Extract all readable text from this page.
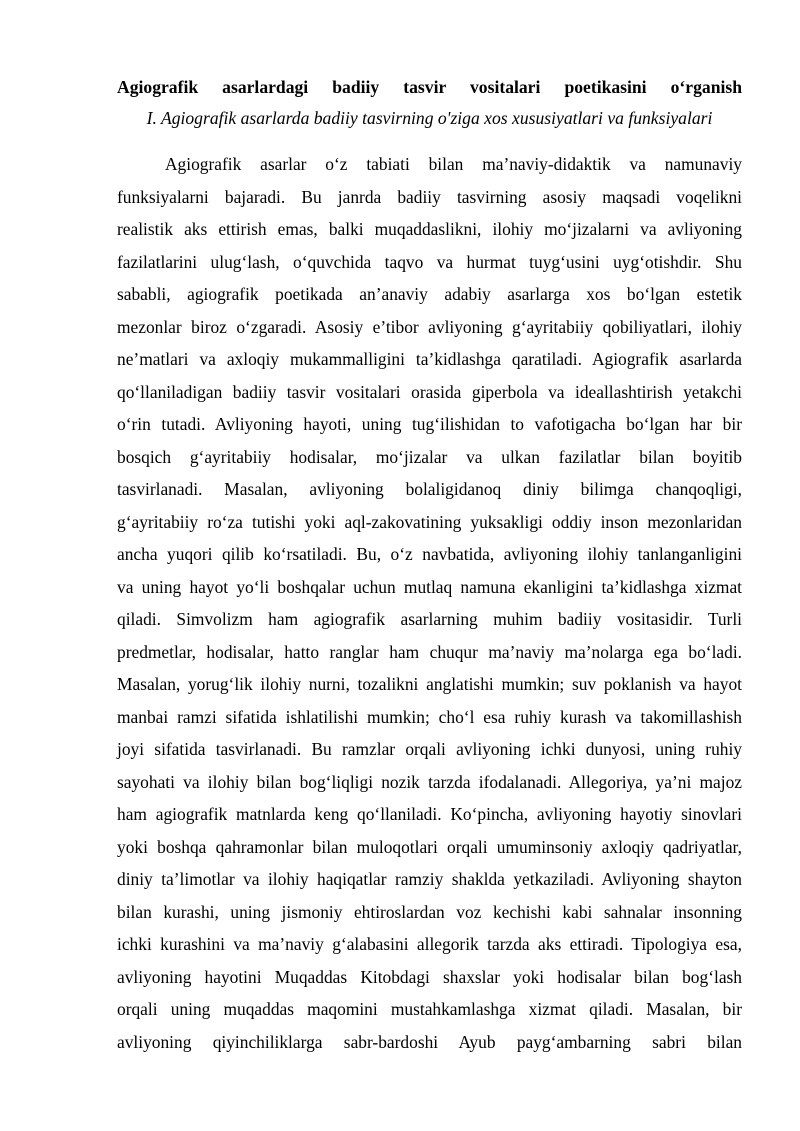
Agiografik asarlardagi badiiy tasvir vositalari poetikasini o‘rganish
I. Agiografik asarlarda badiiy tasvirning o'ziga xos xususiyatlari va funksiyalari
Agiografik asarlar o‘z tabiati bilan ma’naviy-didaktik va namunaviy
funksiyalarni bajaradi. Bu janrda badiiy tasvirning asosiy maqsadi voqelikni
realistik aks ettirish emas, balki muqaddaslikni, ilohiy mo‘jizalarni va avliyoning
fazilatlarini ulug‘lash, o‘quvchida taqvo va hurmat tuyg‘usini uyg‘otishdir. Shu
sababli, agiografik poetikada an’anaviy adabiy asarlarga xos bo‘lgan estetik
mezonlar biroz o‘zgaradi. Asosiy e’tibor avliyoning g‘ayritabiiy qobiliyatlari, ilohiy
ne’matlari va axloqiy mukammalligini ta’kidlashga qaratiladi. Agiografik asarlarda
qo‘llaniladigan badiiy tasvir vositalari orasida giperbola va ideallashtirish yetakchi
o‘rin tutadi. Avliyoning hayoti, uning tug‘ilishidan to vafotigacha bo‘lgan har bir
bosqich g‘ayritabiiy hodisalar, mo‘jizalar va ulkan fazilatlar bilan boyitib
tasvirlanadi. Masalan, avliyoning bolaligidanoq diniy bilimga chanqoqligi,
g‘ayritabiiy ro‘za tutishi yoki aql-zakovatining yuksakligi oddiy inson mezonlaridan
ancha yuqori qilib ko‘rsatiladi. Bu, o‘z navbatida, avliyoning ilohiy tanlanganligini
va uning hayot yo‘li boshqalar uchun mutlaq namuna ekanligini ta’kidlashga xizmat
qiladi. Simvolizm ham agiografik asarlarning muhim badiiy vositasidir. Turli
predmetlar, hodisalar, hatto ranglar ham chuqur ma’naviy ma’nolarga ega bo‘ladi.
Masalan, yorug‘lik ilohiy nurni, tozalikni anglatishi mumkin; suv poklanish va hayot
manbai ramzi sifatida ishlatilishi mumkin; cho‘l esa ruhiy kurash va takomillashish
joyi sifatida tasvirlanadi. Bu ramzlar orqali avliyoning ichki dunyosi, uning ruhiy
sayohati va ilohiy bilan bog‘liqligi nozik tarzda ifodalanadi. Allegoriya, ya’ni majoz
ham agiografik matnlarda keng qo‘llaniladi. Ko‘pincha, avliyoning hayotiy sinovlari
yoki boshqa qahramonlar bilan muloqotlari orqali umuminsoniy axloqiy qadriyatlar,
diniy ta’limotlar va ilohiy haqiqatlar ramziy shaklda yetkaziladi. Avliyoning shayton
bilan kurashi, uning jismoniy ehtiroslardan voz kechishi kabi sahnalar insonning
ichki kurashini va ma’naviy g‘alabasini allegorik tarzda aks ettiradi. Tipologiya esa,
avliyoning hayotini Muqaddas Kitobdagi shaxslar yoki hodisalar bilan bog‘lash
orqali uning muqaddas maqomini mustahkamlashga xizmat qiladi. Masalan, bir
avliyoning qiyinchiliklarga sabr-bardoshi Ayub payg‘ambarning sabri bilan
